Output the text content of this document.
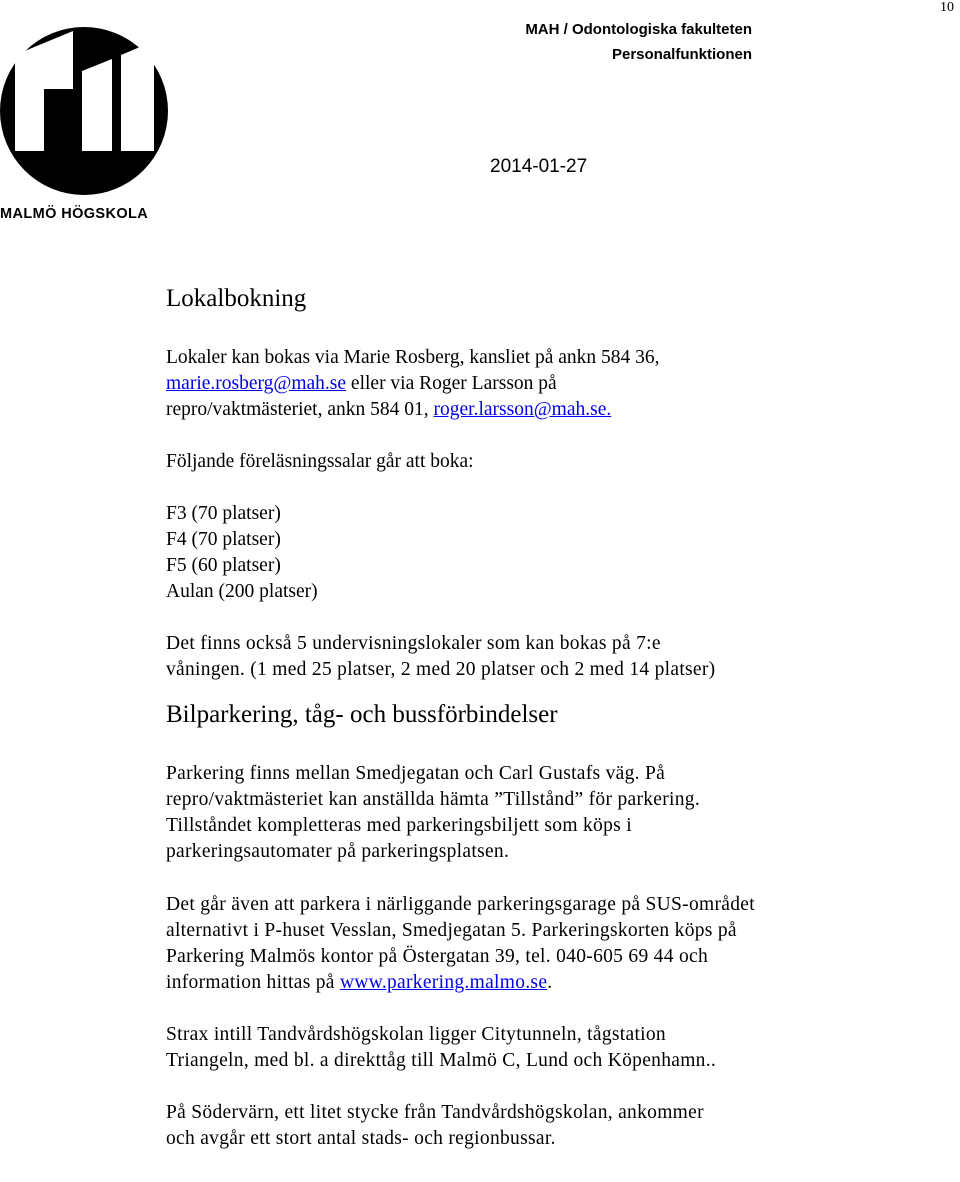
10
MAH / Odontologiska fakulteten
Personalfunktionen
2014-01-27
MALMÖ HÖGSKOLA
Lokalbokning
Lokaler kan bokas via Marie Rosberg, kansliet på ankn 584 36,
marie.rosberg@mah.se eller via Roger Larsson på
repro/vaktmästeriet, ankn 584 01, roger.larsson@mah.se.
Följande föreläsningssalar går att boka:
F3 (70 platser)
F4 (70 platser)
F5 (60 platser)
Aulan (200 platser)
Det finns också 5 undervisningslokaler som kan bokas på 7:e
våningen. (1 med 25 platser, 2 med 20 platser och 2 med 14 platser)
Bilparkering, tåg- och bussförbindelser
Parkering finns mellan Smedjegatan och Carl Gustafs väg. På
repro/vaktmästeriet kan anställda hämta ”Tillstånd” för parkering.
Tillståndet kompletteras med parkeringsbiljett som köps i
parkeringsautomater på parkeringsplatsen.
Det går även att parkera i närliggande parkeringsgarage på SUS-området
alternativt i P-huset Vesslan, Smedjegatan 5. Parkeringskorten köps på
Parkering Malmös kontor på Östergatan 39, tel. 040-605 69 44 och
information hittas på www.parkering.malmo.se.
Strax intill Tandvårdshögskolan ligger Citytunneln, tågstation
Triangeln, med bl. a direkttåg till Malmö C, Lund och Köpenhamn..
På Södervärn, ett litet stycke från Tandvårdshögskolan, ankommer
och avgår ett stort antal stads- och regionbussar.
